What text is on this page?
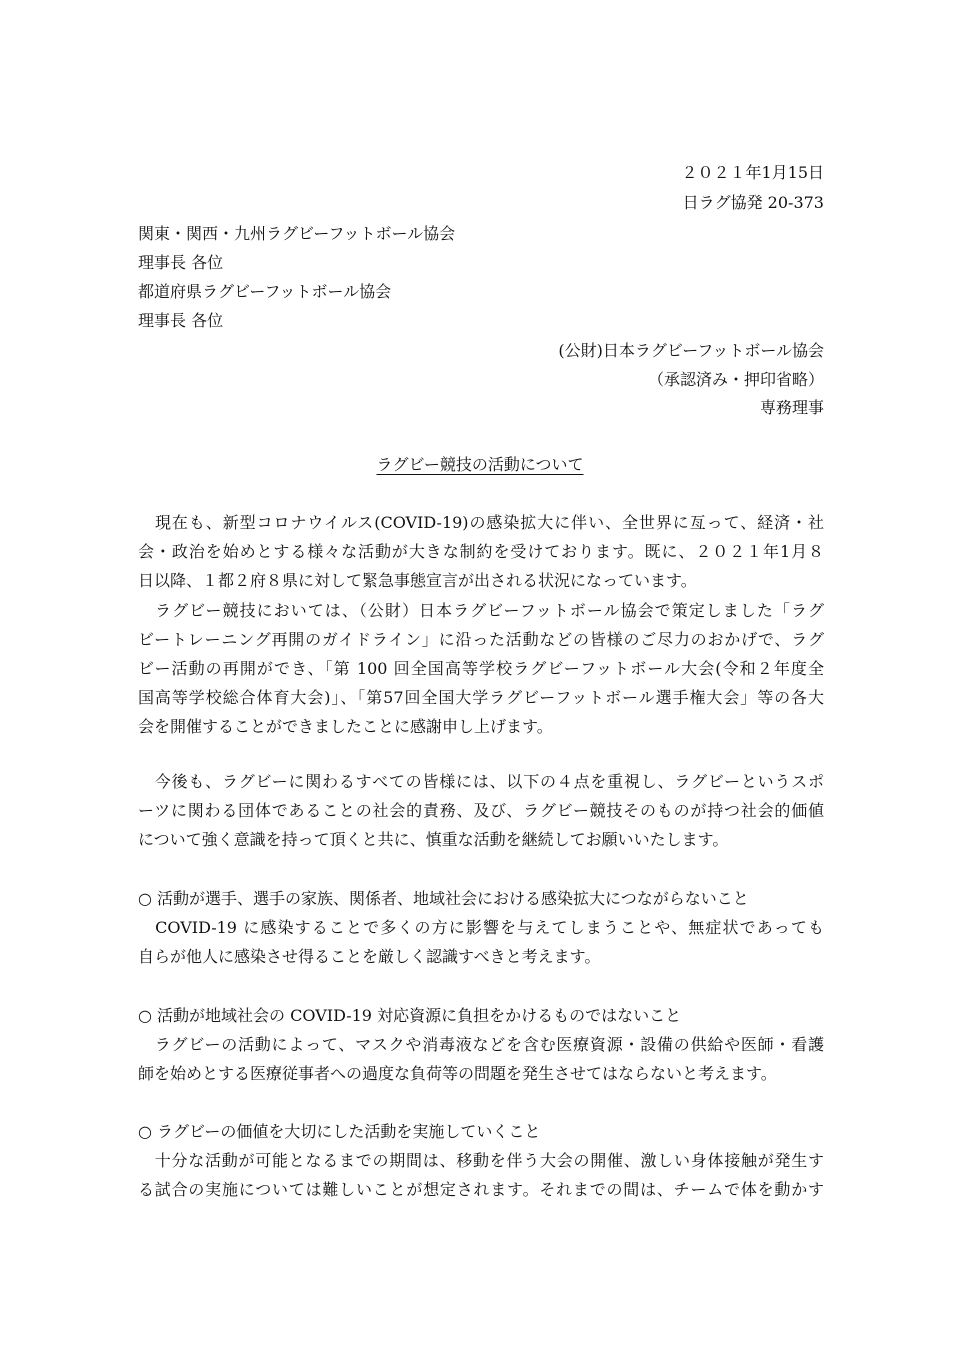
２０２１年1月15日
日ラグ協発 20‐373
関東・関西・九州ラグビーフットボール協会
理事長 各位
都道府県ラグビーフットボール協会
理事長 各位
(公財)日本ラグビーフットボール協会
（承認済み・押印省略）
専務理事
ラグビー競技の活動について
　現在も、新型コロナウイルス(COVID-19)の感染拡大に伴い、全世界に亙って、経済・社
会・政治を始めとする様々な活動が大きな制約を受けております。既に、２０２１年1月８
日以降、１都２府８県に対して緊急事態宣言が出される状況になっています。
　ラグビー競技においては、（公財）日本ラグビーフットボール協会で策定しました「ラグ
ビートレーニング再開のガイドライン」に沿った活動などの皆様のご尽力のおかげで、ラグ
ビー活動の再開ができ、「第 100 回全国高等学校ラグビーフットボール大会(令和２年度全
国高等学校総合体育大会)」、「第57回全国大学ラグビーフットボール選手権大会」等の各大
会を開催することができましたことに感謝申し上げます。
　今後も、ラグビーに関わるすべての皆様には、以下の４点を重視し、ラグビーというスポ
ーツに関わる団体であることの社会的責務、及び、ラグビー競技そのものが持つ社会的価値
について強く意識を持って頂くと共に、慎重な活動を継続してお願いいたします。
○ 活動が選手、選手の家族、関係者、地域社会における感染拡大につながらないこと
　COVID-19 に感染することで多くの方に影響を与えてしまうことや、無症状であっても
自らが他人に感染させ得ることを厳しく認識すべきと考えます。
○ 活動が地域社会の COVID-19 対応資源に負担をかけるものではないこと
　ラグビーの活動によって、マスクや消毒液などを含む医療資源・設備の供給や医師・看護
師を始めとする医療従事者への過度な負荷等の問題を発生させてはならないと考えます。
○ ラグビーの価値を大切にした活動を実施していくこと
　十分な活動が可能となるまでの期間は、移動を伴う大会の開催、激しい身体接触が発生す
る試合の実施については難しいことが想定されます。それまでの間は、チームで体を動かす
